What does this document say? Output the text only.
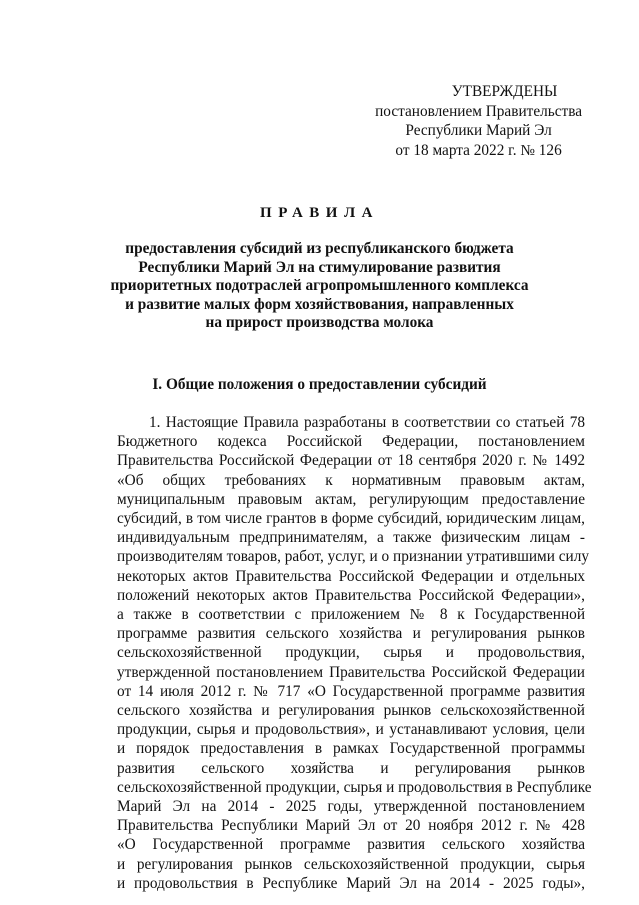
УТВЕРЖДЕНЫ
постановлением Правительства
Республики Марий Эл
от 18 марта 2022 г. № 126
ПРАВИЛА
предоставления субсидий из республиканского бюджета
Республики Марий Эл на стимулирование развития
приоритетных подотраслей агропромышленного комплекса
и развитие малых форм хозяйствования, направленных
на прирост производства молока
I. Общие положения о предоставлении субсидий
1. Настоящие Правила разработаны в соответствии со статьей 78
Бюджетного кодекса Российской Федерации, постановлением
Правительства Российской Федерации от 18 сентября 2020 г. № 1492
«Об общих требованиях к нормативным правовым актам,
муниципальным правовым актам, регулирующим предоставление
субсидий, в том числе грантов в форме субсидий, юридическим лицам,
индивидуальным предпринимателям, а также физическим лицам -
производителям товаров, работ, услуг, и о признании утратившими силу
некоторых актов Правительства Российской Федерации и отдельных
положений некоторых актов Правительства Российской Федерации»,
а также в соответствии с приложением № 8 к Государственной
программе развития сельского хозяйства и регулирования рынков
сельскохозяйственной продукции, сырья и продовольствия,
утвержденной постановлением Правительства Российской Федерации
от 14 июля 2012 г. № 717 «О Государственной программе развития
сельского хозяйства и регулирования рынков сельскохозяйственной
продукции, сырья и продовольствия», и устанавливают условия, цели
и порядок предоставления в рамках Государственной программы
развития сельского хозяйства и регулирования рынков
сельскохозяйственной продукции, сырья и продовольствия в Республике
Марий Эл на 2014 - 2025 годы, утвержденной постановлением
Правительства Республики Марий Эл от 20 ноября 2012 г. № 428
«О Государственной программе развития сельского хозяйства
и регулирования рынков сельскохозяйственной продукции, сырья
и продовольствия в Республике Марий Эл на 2014 - 2025 годы»,
